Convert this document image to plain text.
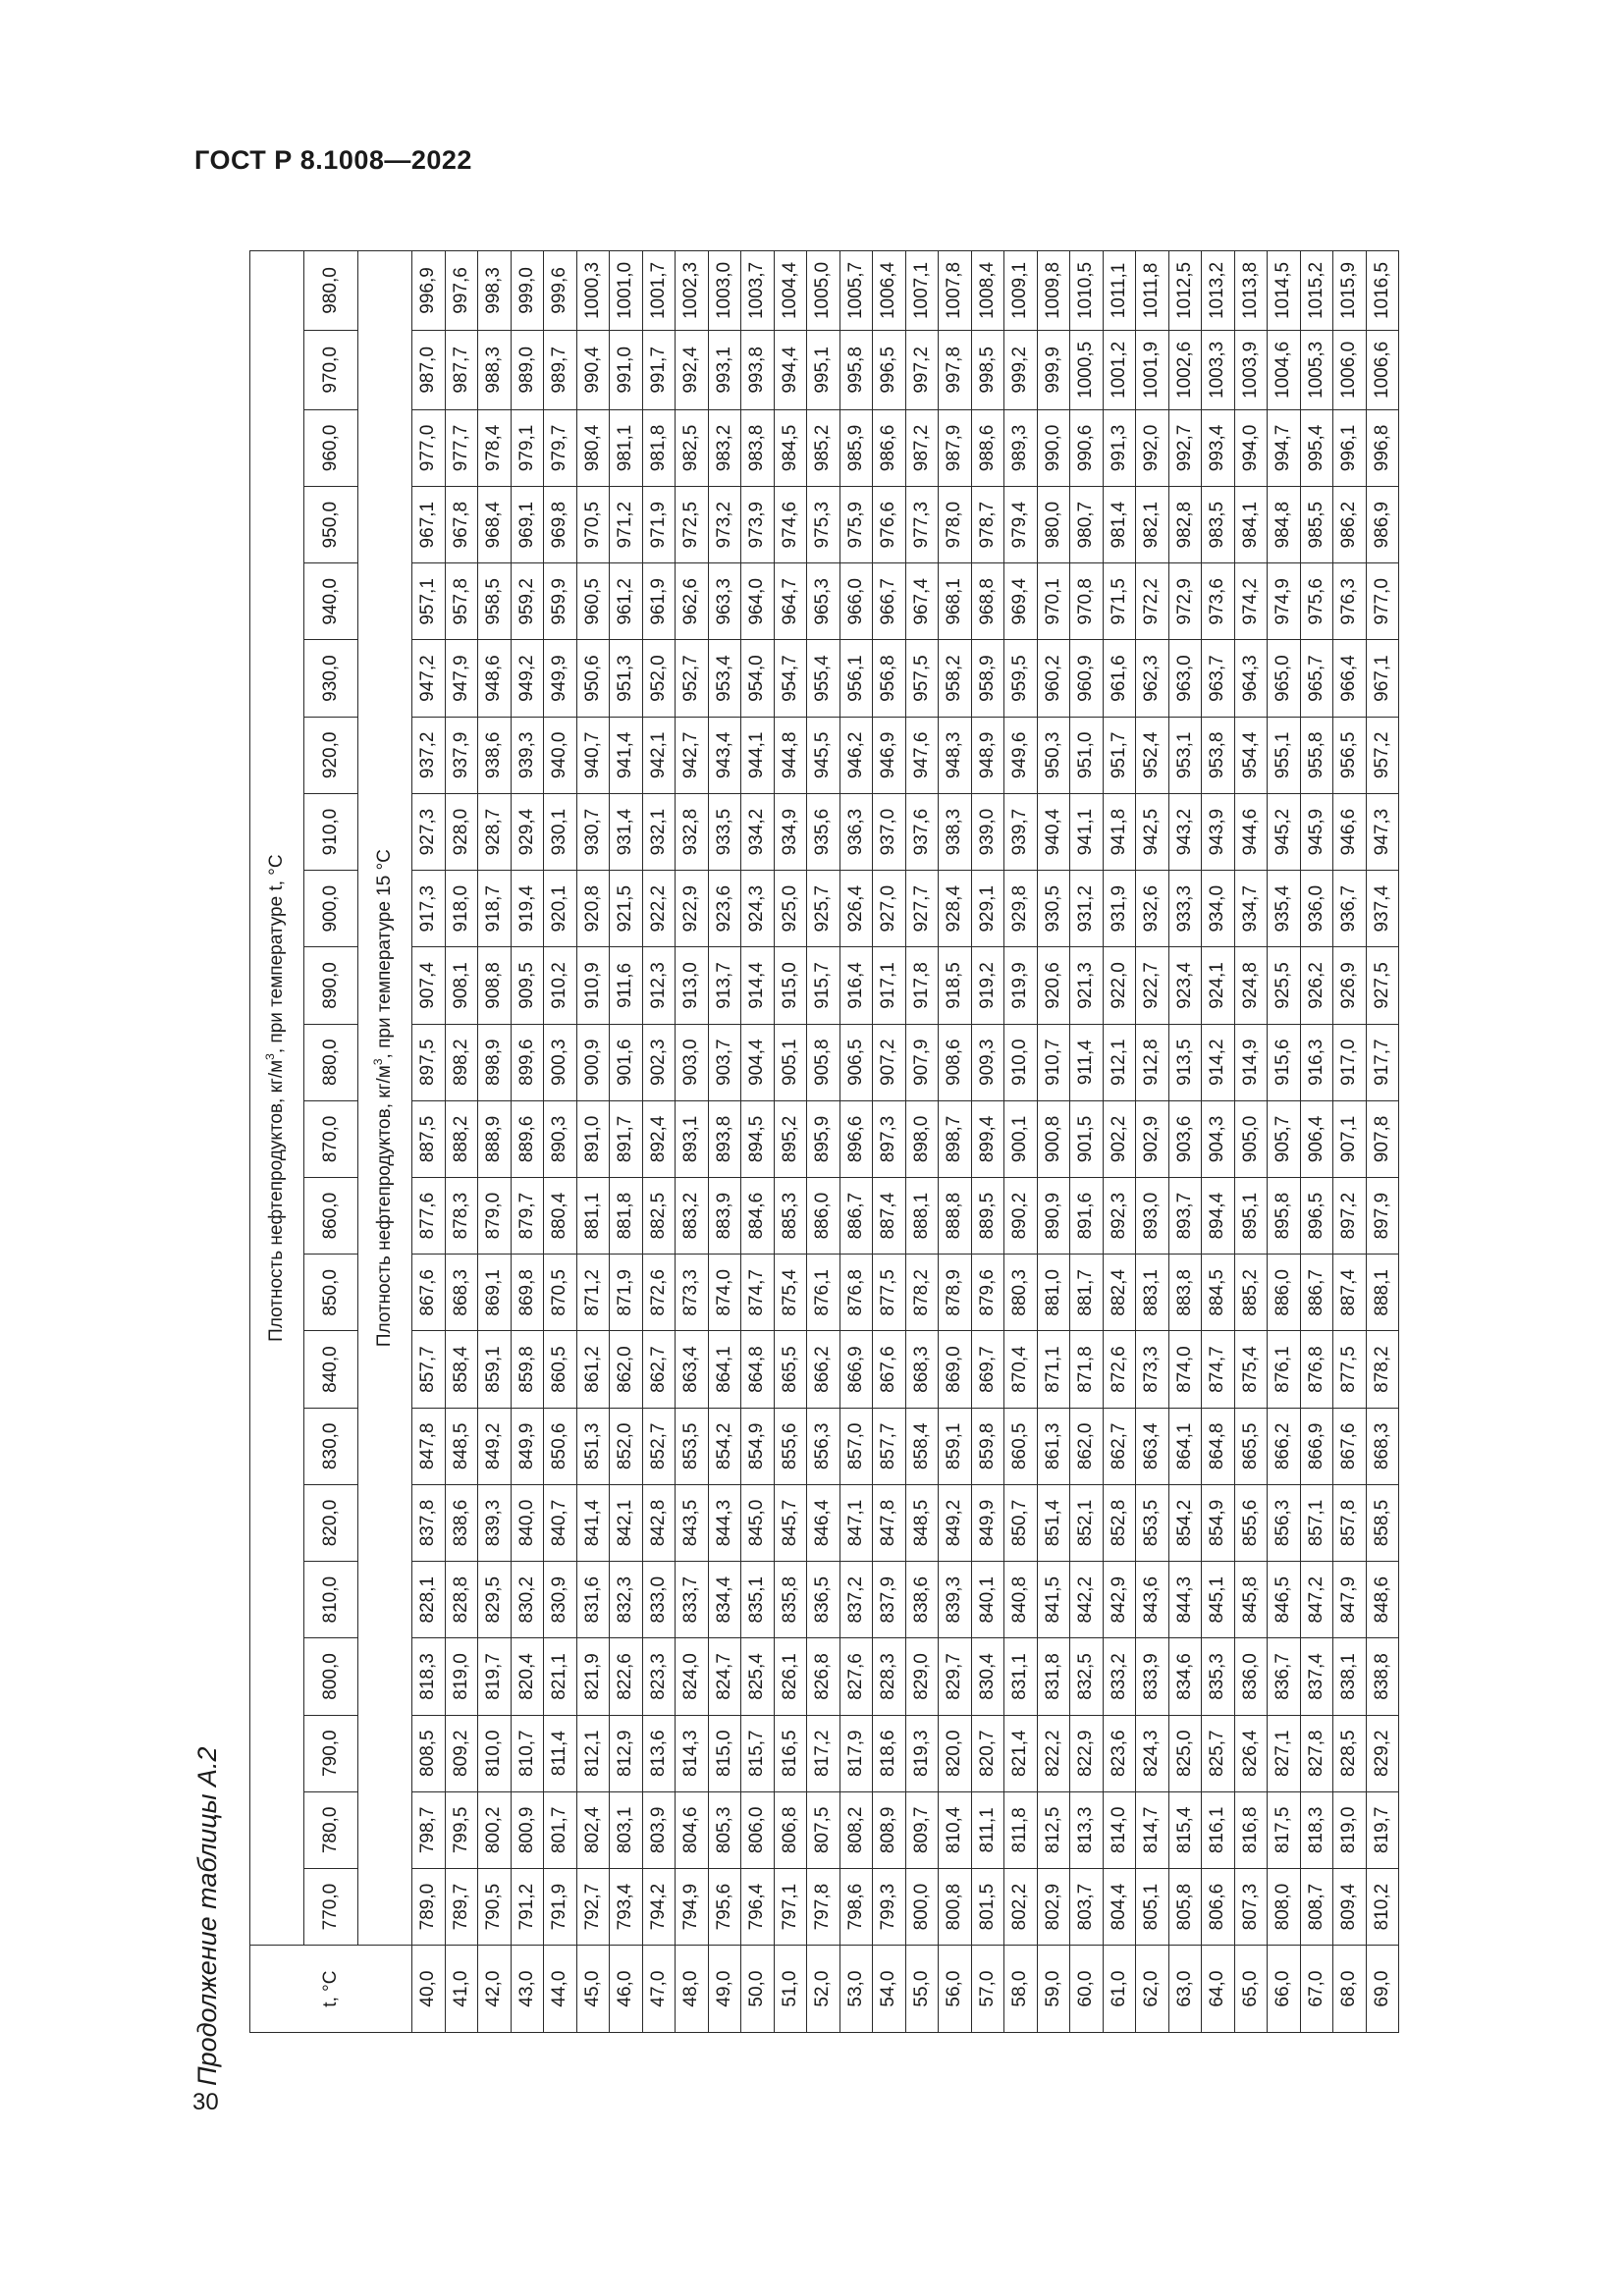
ГОСТ Р 8.1008—2022
30
Продолжение таблицы А.2	t, °C	Плотность нефтепродуктов, $кг/м^3$, при температуре t, °C																					
	770,0	780,0	790,0	800,0	810,0	820,0	830,0	840,0	850,0	860,0	870,0	880,0	890,0	900,0	910,0	920,0	930,0	940,0	950,0	960,0	970,0	980,0
	Плотность нефтепродуктов, $кг/м^3$, при температуре 15 °C																					
40,0	789,0	798,7	808,5	818,3	828,1	837,8	847,8	857,7	867,6	877,6	887,5	897,5	907,4	917,3	927,3	937,2	947,2	957,1	967,1	977,0	987,0	996,9
41,0	789,7	799,5	809,2	819,0	828,8	838,6	848,5	858,4	868,3	878,3	888,2	898,2	908,1	918,0	928,0	937,9	947,9	957,8	967,8	977,7	987,7	997,6
42,0	790,5	800,2	810,0	819,7	829,5	839,3	849,2	859,1	869,1	879,0	888,9	898,9	908,8	918,7	928,7	938,6	948,6	958,5	968,4	978,4	988,3	998,3
43,0	791,2	800,9	810,7	820,4	830,2	840,0	849,9	859,8	869,8	879,7	889,6	899,6	909,5	919,4	929,4	939,3	949,2	959,2	969,1	979,1	989,0	999,0
44,0	791,9	801,7	811,4	821,1	830,9	840,7	850,6	860,5	870,5	880,4	890,3	900,3	910,2	920,1	930,1	940,0	949,9	959,9	969,8	979,7	989,7	999,6
45,0	792,7	802,4	812,1	821,9	831,6	841,4	851,3	861,2	871,2	881,1	891,0	900,9	910,9	920,8	930,7	940,7	950,6	960,5	970,5	980,4	990,4	1000,3
46,0	793,4	803,1	812,9	822,6	832,3	842,1	852,0	862,0	871,9	881,8	891,7	901,6	911,6	921,5	931,4	941,4	951,3	961,2	971,2	981,1	991,0	1001,0
47,0	794,2	803,9	813,6	823,3	833,0	842,8	852,7	862,7	872,6	882,5	892,4	902,3	912,3	922,2	932,1	942,1	952,0	961,9	971,9	981,8	991,7	1001,7
48,0	794,9	804,6	814,3	824,0	833,7	843,5	853,5	863,4	873,3	883,2	893,1	903,0	913,0	922,9	932,8	942,7	952,7	962,6	972,5	982,5	992,4	1002,3
49,0	795,6	805,3	815,0	824,7	834,4	844,3	854,2	864,1	874,0	883,9	893,8	903,7	913,7	923,6	933,5	943,4	953,4	963,3	973,2	983,2	993,1	1003,0
50,0	796,4	806,0	815,7	825,4	835,1	845,0	854,9	864,8	874,7	884,6	894,5	904,4	914,4	924,3	934,2	944,1	954,0	964,0	973,9	983,8	993,8	1003,7
51,0	797,1	806,8	816,5	826,1	835,8	845,7	855,6	865,5	875,4	885,3	895,2	905,1	915,0	925,0	934,9	944,8	954,7	964,7	974,6	984,5	994,4	1004,4
52,0	797,8	807,5	817,2	826,8	836,5	846,4	856,3	866,2	876,1	886,0	895,9	905,8	915,7	925,7	935,6	945,5	955,4	965,3	975,3	985,2	995,1	1005,0
53,0	798,6	808,2	817,9	827,6	837,2	847,1	857,0	866,9	876,8	886,7	896,6	906,5	916,4	926,4	936,3	946,2	956,1	966,0	975,9	985,9	995,8	1005,7
54,0	799,3	808,9	818,6	828,3	837,9	847,8	857,7	867,6	877,5	887,4	897,3	907,2	917,1	927,0	937,0	946,9	956,8	966,7	976,6	986,6	996,5	1006,4
55,0	800,0	809,7	819,3	829,0	838,6	848,5	858,4	868,3	878,2	888,1	898,0	907,9	917,8	927,7	937,6	947,6	957,5	967,4	977,3	987,2	997,2	1007,1
56,0	800,8	810,4	820,0	829,7	839,3	849,2	859,1	869,0	878,9	888,8	898,7	908,6	918,5	928,4	938,3	948,3	958,2	968,1	978,0	987,9	997,8	1007,8
57,0	801,5	811,1	820,7	830,4	840,1	849,9	859,8	869,7	879,6	889,5	899,4	909,3	919,2	929,1	939,0	948,9	958,9	968,8	978,7	988,6	998,5	1008,4
58,0	802,2	811,8	821,4	831,1	840,8	850,7	860,5	870,4	880,3	890,2	900,1	910,0	919,9	929,8	939,7	949,6	959,5	969,4	979,4	989,3	999,2	1009,1
59,0	802,9	812,5	822,2	831,8	841,5	851,4	861,3	871,1	881,0	890,9	900,8	910,7	920,6	930,5	940,4	950,3	960,2	970,1	980,0	990,0	999,9	1009,8
60,0	803,7	813,3	822,9	832,5	842,2	852,1	862,0	871,8	881,7	891,6	901,5	911,4	921,3	931,2	941,1	951,0	960,9	970,8	980,7	990,6	1000,5	1010,5
61,0	804,4	814,0	823,6	833,2	842,9	852,8	862,7	872,6	882,4	892,3	902,2	912,1	922,0	931,9	941,8	951,7	961,6	971,5	981,4	991,3	1001,2	1011,1
62,0	805,1	814,7	824,3	833,9	843,6	853,5	863,4	873,3	883,1	893,0	902,9	912,8	922,7	932,6	942,5	952,4	962,3	972,2	982,1	992,0	1001,9	1011,8
63,0	805,8	815,4	825,0	834,6	844,3	854,2	864,1	874,0	883,8	893,7	903,6	913,5	923,4	933,3	943,2	953,1	963,0	972,9	982,8	992,7	1002,6	1012,5
64,0	806,6	816,1	825,7	835,3	845,1	854,9	864,8	874,7	884,5	894,4	904,3	914,2	924,1	934,0	943,9	953,8	963,7	973,6	983,5	993,4	1003,3	1013,2
65,0	807,3	816,8	826,4	836,0	845,8	855,6	865,5	875,4	885,2	895,1	905,0	914,9	924,8	934,7	944,6	954,4	964,3	974,2	984,1	994,0	1003,9	1013,8
66,0	808,0	817,5	827,1	836,7	846,5	856,3	866,2	876,1	886,0	895,8	905,7	915,6	925,5	935,4	945,2	955,1	965,0	974,9	984,8	994,7	1004,6	1014,5
67,0	808,7	818,3	827,8	837,4	847,2	857,1	866,9	876,8	886,7	896,5	906,4	916,3	926,2	936,0	945,9	955,8	965,7	975,6	985,5	995,4	1005,3	1015,2
68,0	809,4	819,0	828,5	838,1	847,9	857,8	867,6	877,5	887,4	897,2	907,1	917,0	926,9	936,7	946,6	956,5	966,4	976,3	986,2	996,1	1006,0	1015,9
69,0	810,2	819,7	829,2	838,8	848,6	858,5	868,3	878,2	888,1	897,9	907,8	917,7	927,5	937,4	947,3	957,2	967,1	977,0	986,9	996,8	1006,6	1016,5
